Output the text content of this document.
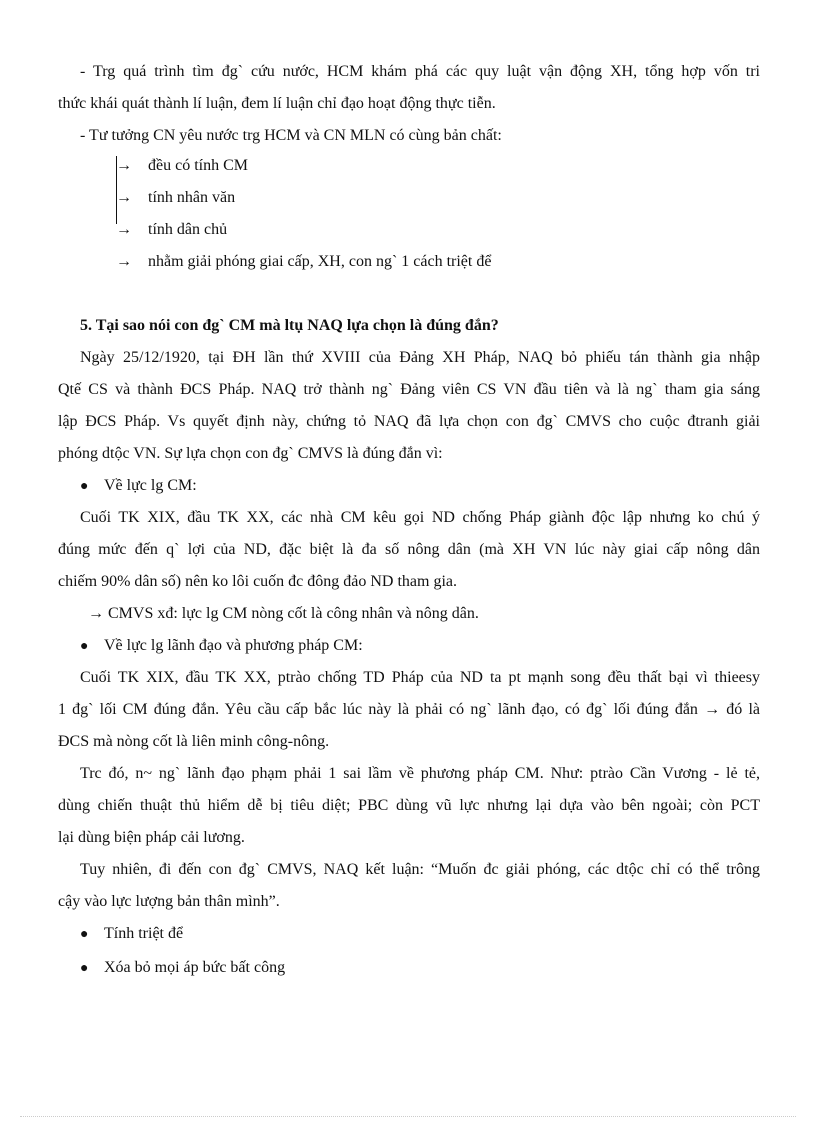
- Trg quá trình tìm đg` cứu nước, HCM khám phá các quy luật vận động XH, tổng hợp vốn tri
thức khái quát thành lí luận, đem lí luận chỉ đạo hoạt động thực tiễn.
- Tư tưởng CN yêu nước trg HCM và CN MLN có cùng bản chất:
→ đều có tính CM
→ tính nhân văn
→ tính dân chủ
→ nhằm giải phóng giai cấp, XH, con ng` 1 cách triệt để
5. Tại sao nói con đg` CM mà ltụ NAQ lựa chọn là đúng đắn?
Ngày 25/12/1920, tại ĐH lần thứ XVIII của Đảng XH Pháp, NAQ bỏ phiếu tán thành gia nhập
Qtế CS và thành ĐCS Pháp. NAQ trở thành ng` Đảng viên CS VN đầu tiên và là ng` tham gia sáng
lập ĐCS Pháp. Vs quyết định này, chứng tỏ NAQ đã lựa chọn con đg` CMVS cho cuộc đtranh giải
phóng dtộc VN. Sự lựa chọn con đg` CMVS là đúng đắn vì:
● Về lực lg CM:
Cuối TK XIX, đầu TK XX, các nhà CM kêu gọi ND chống Pháp giành độc lập nhưng ko chú ý
đúng mức đến q` lợi của ND, đặc biệt là đa số nông dân (mà XH VN lúc này giai cấp nông dân
chiếm 90% dân số) nên ko lôi cuốn đc đông đảo ND tham gia.
→ CMVS xđ: lực lg CM nòng cốt là công nhân và nông dân.
● Về lực lg lãnh đạo và phương pháp CM:
Cuối TK XIX, đầu TK XX, ptrào chống TD Pháp của ND ta pt mạnh song đều thất bại vì thieesy
1 đg` lối CM đúng đắn. Yêu cầu cấp bắc lúc này là phải có ng` lãnh đạo, có đg` lối đúng đắn → đó là
ĐCS mà nòng cốt là liên minh công-nông.
Trc đó, n~ ng` lãnh đạo phạm phải 1 sai lầm về phương pháp CM. Như: ptrào Cần Vương - lẻ tẻ,
dùng chiến thuật thủ hiểm dễ bị tiêu diệt; PBC dùng vũ lực nhưng lại dựa vào bên ngoài; còn PCT
lại dùng biện pháp cải lương.
Tuy nhiên, đi đến con đg` CMVS, NAQ kết luận: “Muốn đc giải phóng, các dtộc chỉ có thể trông
cậy vào lực lượng bản thân mình”.
● Tính triệt để
● Xóa bỏ mọi áp bức bất công
